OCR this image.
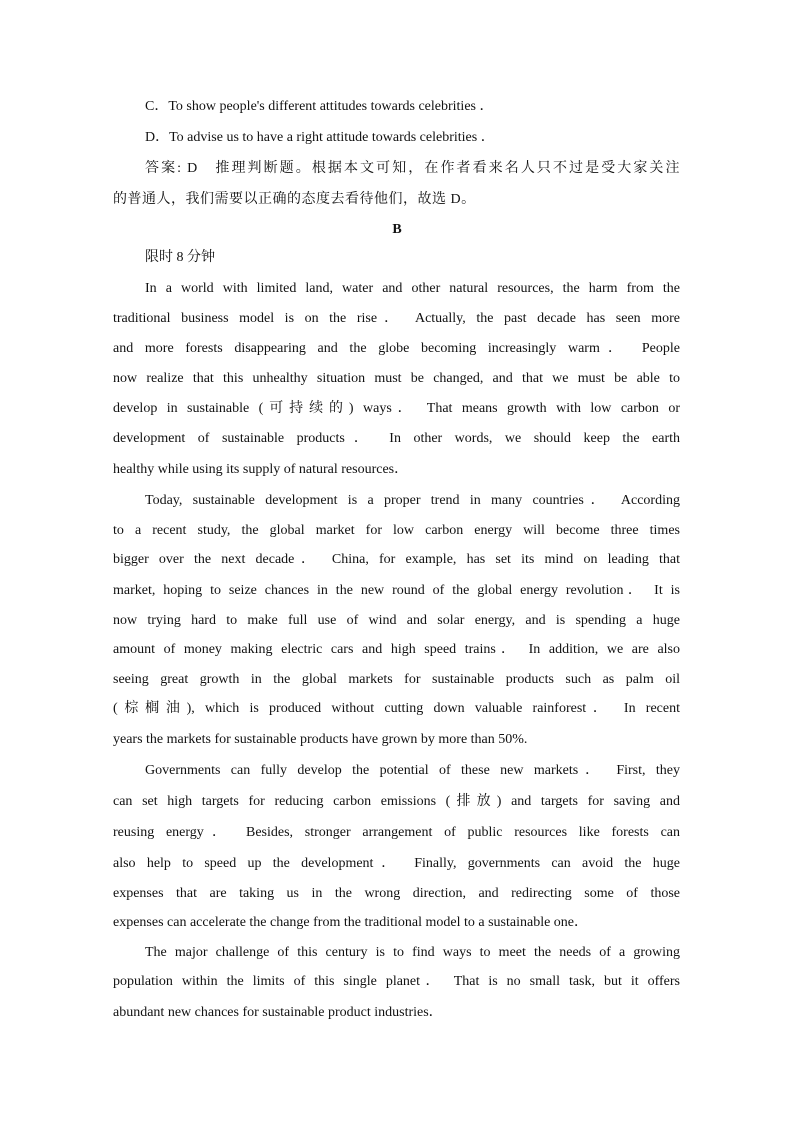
C．To show people's different attitudes towards celebrities ．
D．To advise us to have a right attitude towards celebrities ．
答案: D　推理判断题。根据本文可知，在作者看来名人只不过是受大家关注
的普通人，我们需要以正确的态度去看待他们，故选 D。
B
限时 8 分钟
In a world with limited land, water and other natural resources, the harm from the
traditional business model is on the rise． Actually, the past decade has seen more
and more forests disappearing and the globe becoming increasingly warm． People
now realize that this unhealthy situation must be changed, and that we must be able to
develop in sustainable (可持续的) ways． That means growth with low carbon or
development of sustainable products． In other words, we should keep the earth
healthy while using its supply of natural resources．
Today, sustainable development is a proper trend in many countries． According
to a recent study, the global market for low carbon energy will become three times
bigger over the next decade． China, for example, has set its mind on leading that
market, hoping to seize chances in the new round of the global energy revolution． It is
now trying hard to make full use of wind and solar energy, and is spending a huge
amount of money making electric cars and high speed trains． In addition, we are also
seeing great growth in the global markets for sustainable products such as palm oil
(棕榈油), which is produced without cutting down valuable rainforest． In recent
years the markets for sustainable products have grown by more than 50%.
Governments can fully develop the potential of these new markets． First, they
can set high targets for reducing carbon emissions (排放) and targets for saving and
reusing energy． Besides, stronger arrangement of public resources like forests can
also help to speed up the development． Finally, governments can avoid the huge
expenses that are taking us in the wrong direction, and redirecting some of those
expenses can accelerate the change from the traditional model to a sustainable one．
The major challenge of this century is to find ways to meet the needs of a growing
population within the limits of this single planet． That is no small task, but it offers
abundant new chances for sustainable product industries．
